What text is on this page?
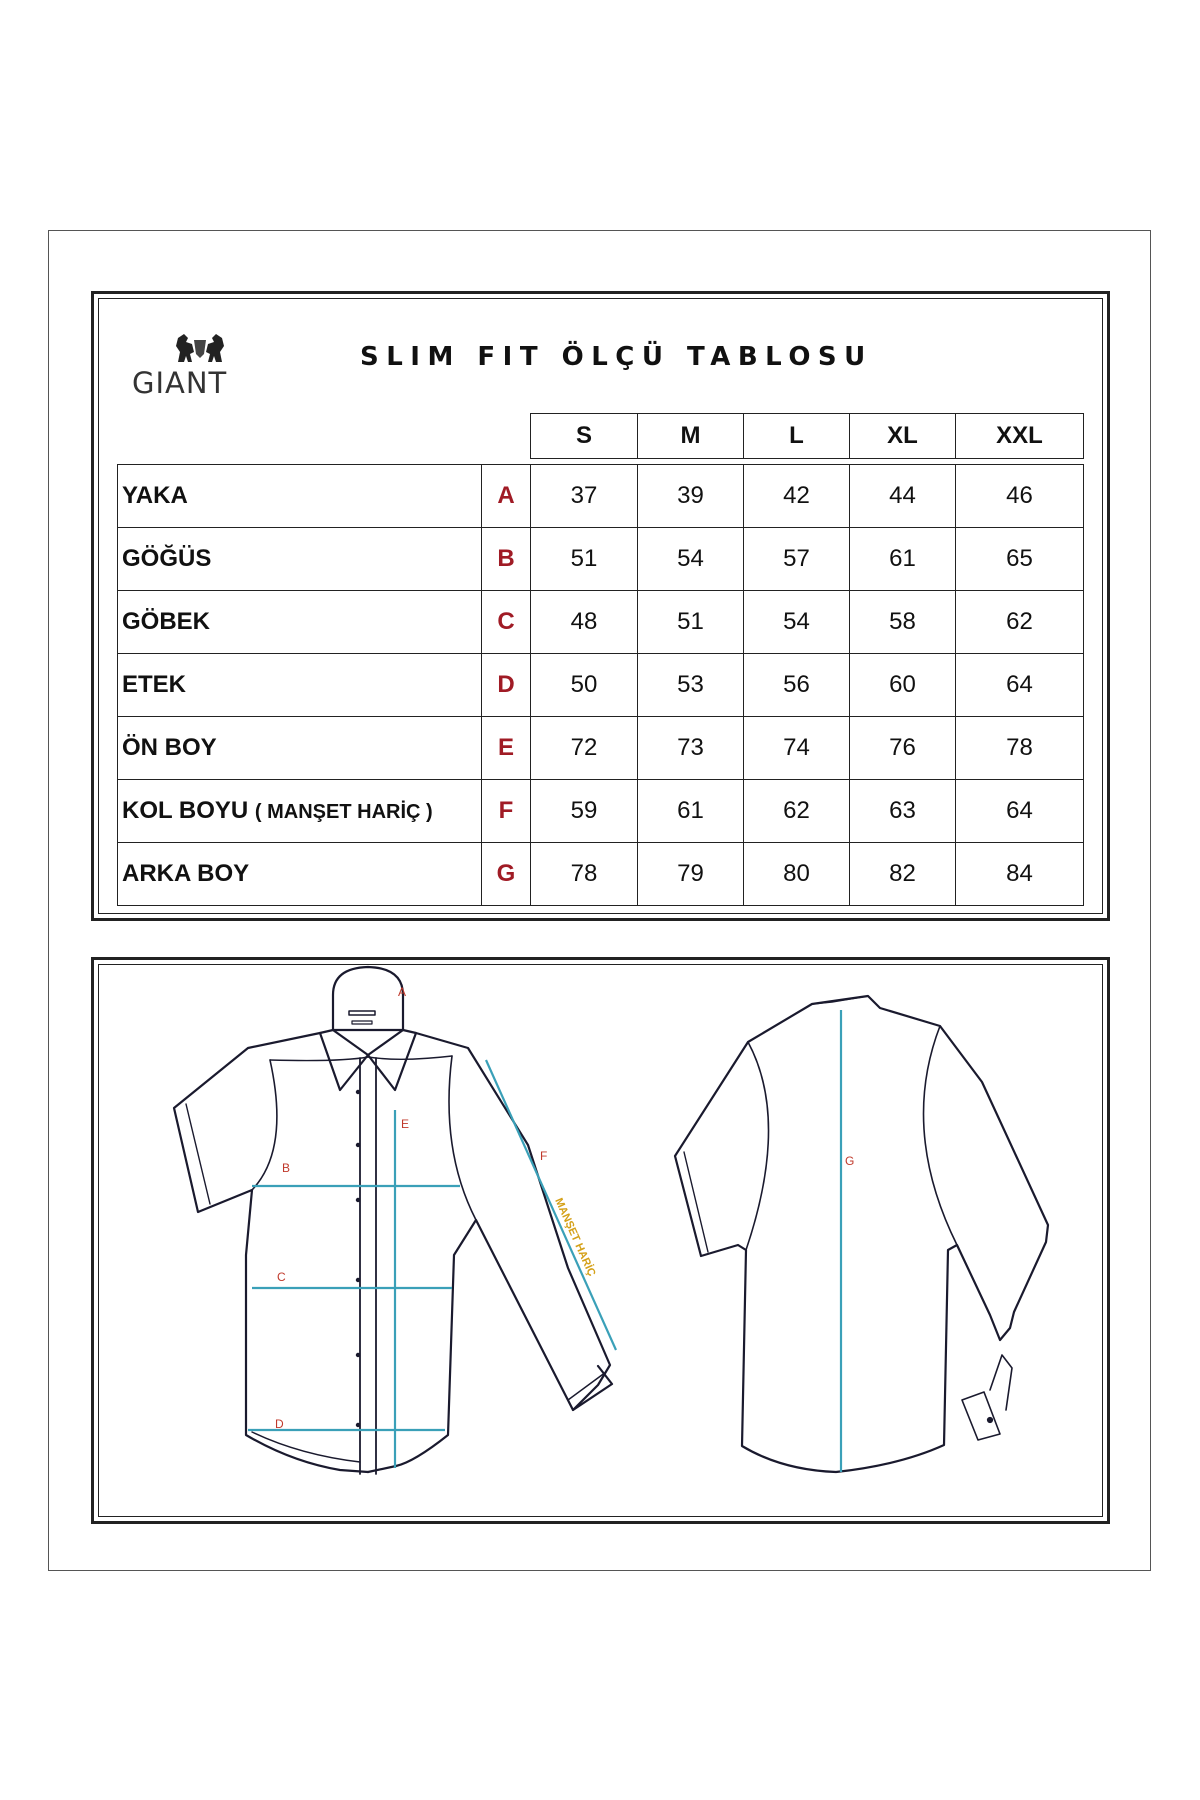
GIANT
SLIM FIT ÖLÇÜ TABLOSU
S	M	L	XL	XXL
YAKA	A	37	39	42	44	46
GÖĞÜS	B	51	54	57	61	65
GÖBEK	C	48	51	54	58	62
ETEK	D	50	53	56	60	64
ÖN BOY	E	72	73	74	76	78
KOL BOYU ( MANŞET HARİÇ )	F	59	61	62	63	64
ARKA BOY	G	78	79	80	82	84
A
B
C
D
E
F
MANŞET HARİÇ
G
